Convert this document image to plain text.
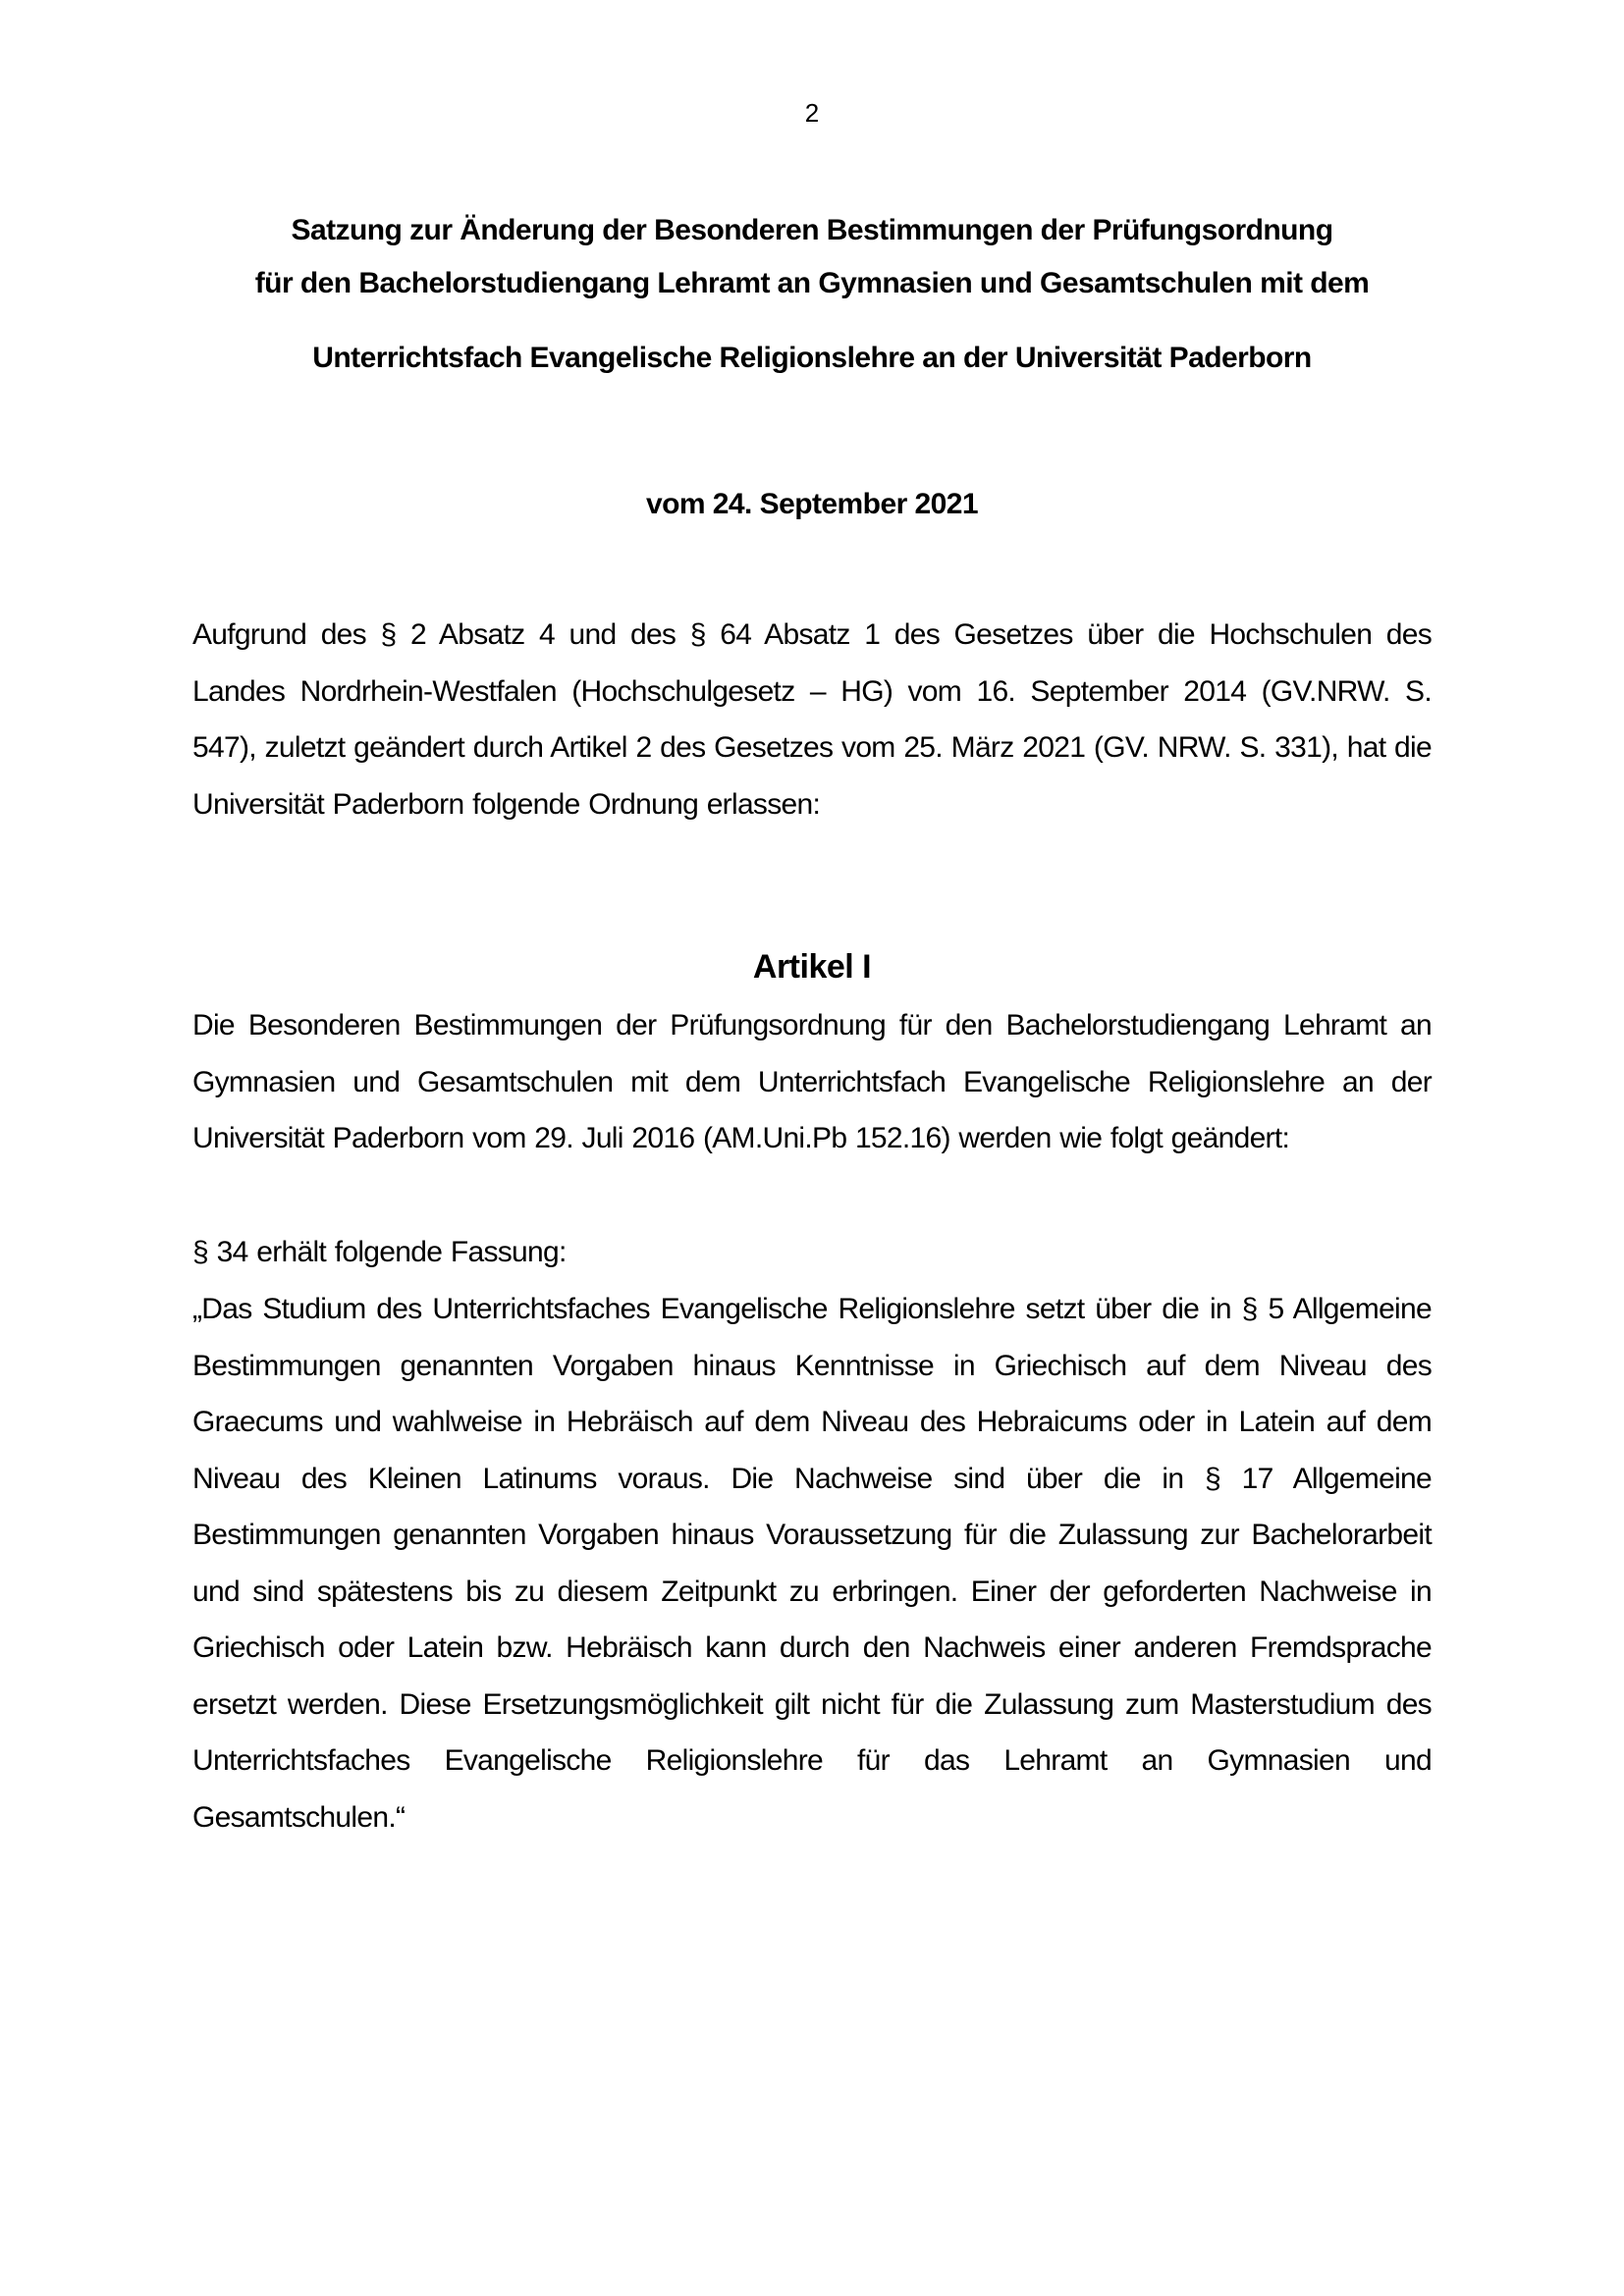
2
Satzung zur Änderung der Besonderen Bestimmungen der Prüfungsordnung
für den Bachelorstudiengang Lehramt an Gymnasien und Gesamtschulen mit dem
Unterrichtsfach Evangelische Religionslehre an der Universität Paderborn
vom 24. September 2021

Aufgrund des § 2 Absatz 4 und des § 64 Absatz 1 des Gesetzes über die Hochschulen des Landes Nordrhein-Westfalen (Hochschulgesetz – HG) vom 16. September 2014 (GV.NRW. S. 547), zuletzt geändert durch Artikel 2 des Gesetzes vom 25. März 2021 (GV. NRW. S. 331), hat die Universität Paderborn folgende Ordnung erlassen:

Artikel I

Die Besonderen Bestimmungen der Prüfungsordnung für den Bachelorstudiengang Lehramt an Gymnasien und Gesamtschulen mit dem Unterrichtsfach Evangelische Religionslehre an der Universität Paderborn vom 29. Juli 2016 (AM.Uni.Pb 152.16) werden wie folgt geändert:

§ 34 erhält folgende Fassung:

„Das Studium des Unterrichtsfaches Evangelische Religionslehre setzt über die in § 5 Allgemeine Bestimmungen genannten Vorgaben hinaus Kenntnisse in Griechisch auf dem Niveau des Graecums und wahlweise in Hebräisch auf dem Niveau des Hebraicums oder in Latein auf dem Niveau des Kleinen Latinums voraus. Die Nachweise sind über die in § 17 Allgemeine Bestimmungen genannten Vorgaben hinaus Voraussetzung für die Zulassung zur Bachelorarbeit und sind spätestens bis zu diesem Zeitpunkt zu erbringen. Einer der geforderten Nachweise in Griechisch oder Latein bzw. Hebräisch kann durch den Nachweis einer anderen Fremdsprache ersetzt werden. Diese Ersetzungsmöglichkeit gilt nicht für die Zulassung zum Masterstudium des Unterrichtsfaches Evangelische Religionslehre für das Lehramt an Gymnasien und Gesamtschulen.“
